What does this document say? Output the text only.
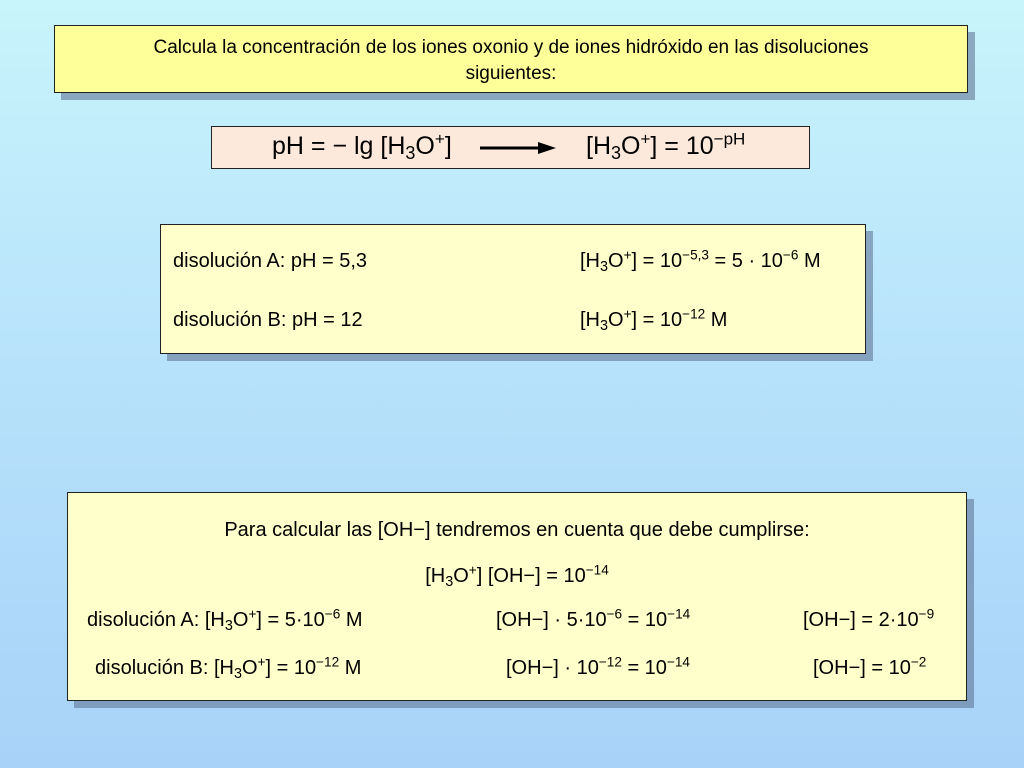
Calcula la concentración de los iones oxonio y de iones hidróxido en las disoluciones
siguientes:
pH = − $\lg [H_3O^+]$	$[H_3O^+] = 10^{-pH}$
disolución A: pH = 5,3	$[H_3O^+] = 10^{-5,3} = 5 \cdot 10^{-6}$ M
disolución B: pH = 12	$[H_3O^+] = 10^{-12}$ M
Para calcular las [OH−] tendremos en cuenta que debe cumplirse:
$[H_3O^+] [OH-] = 10^{-14}$
disolución A: $[H_3O^+] = 5\cdot 10^{-6}$ M	$[OH-] \cdot 5\cdot 10^{-6} = 10^{-14}$	$[OH-] = 2\cdot 10^{-9}$
disolución B: $[H_3O^+] = 10^{-12}$ M	$[OH-] \cdot 10^{-12} = 10^{-14}$	$[OH-] = 10^{-2}$
